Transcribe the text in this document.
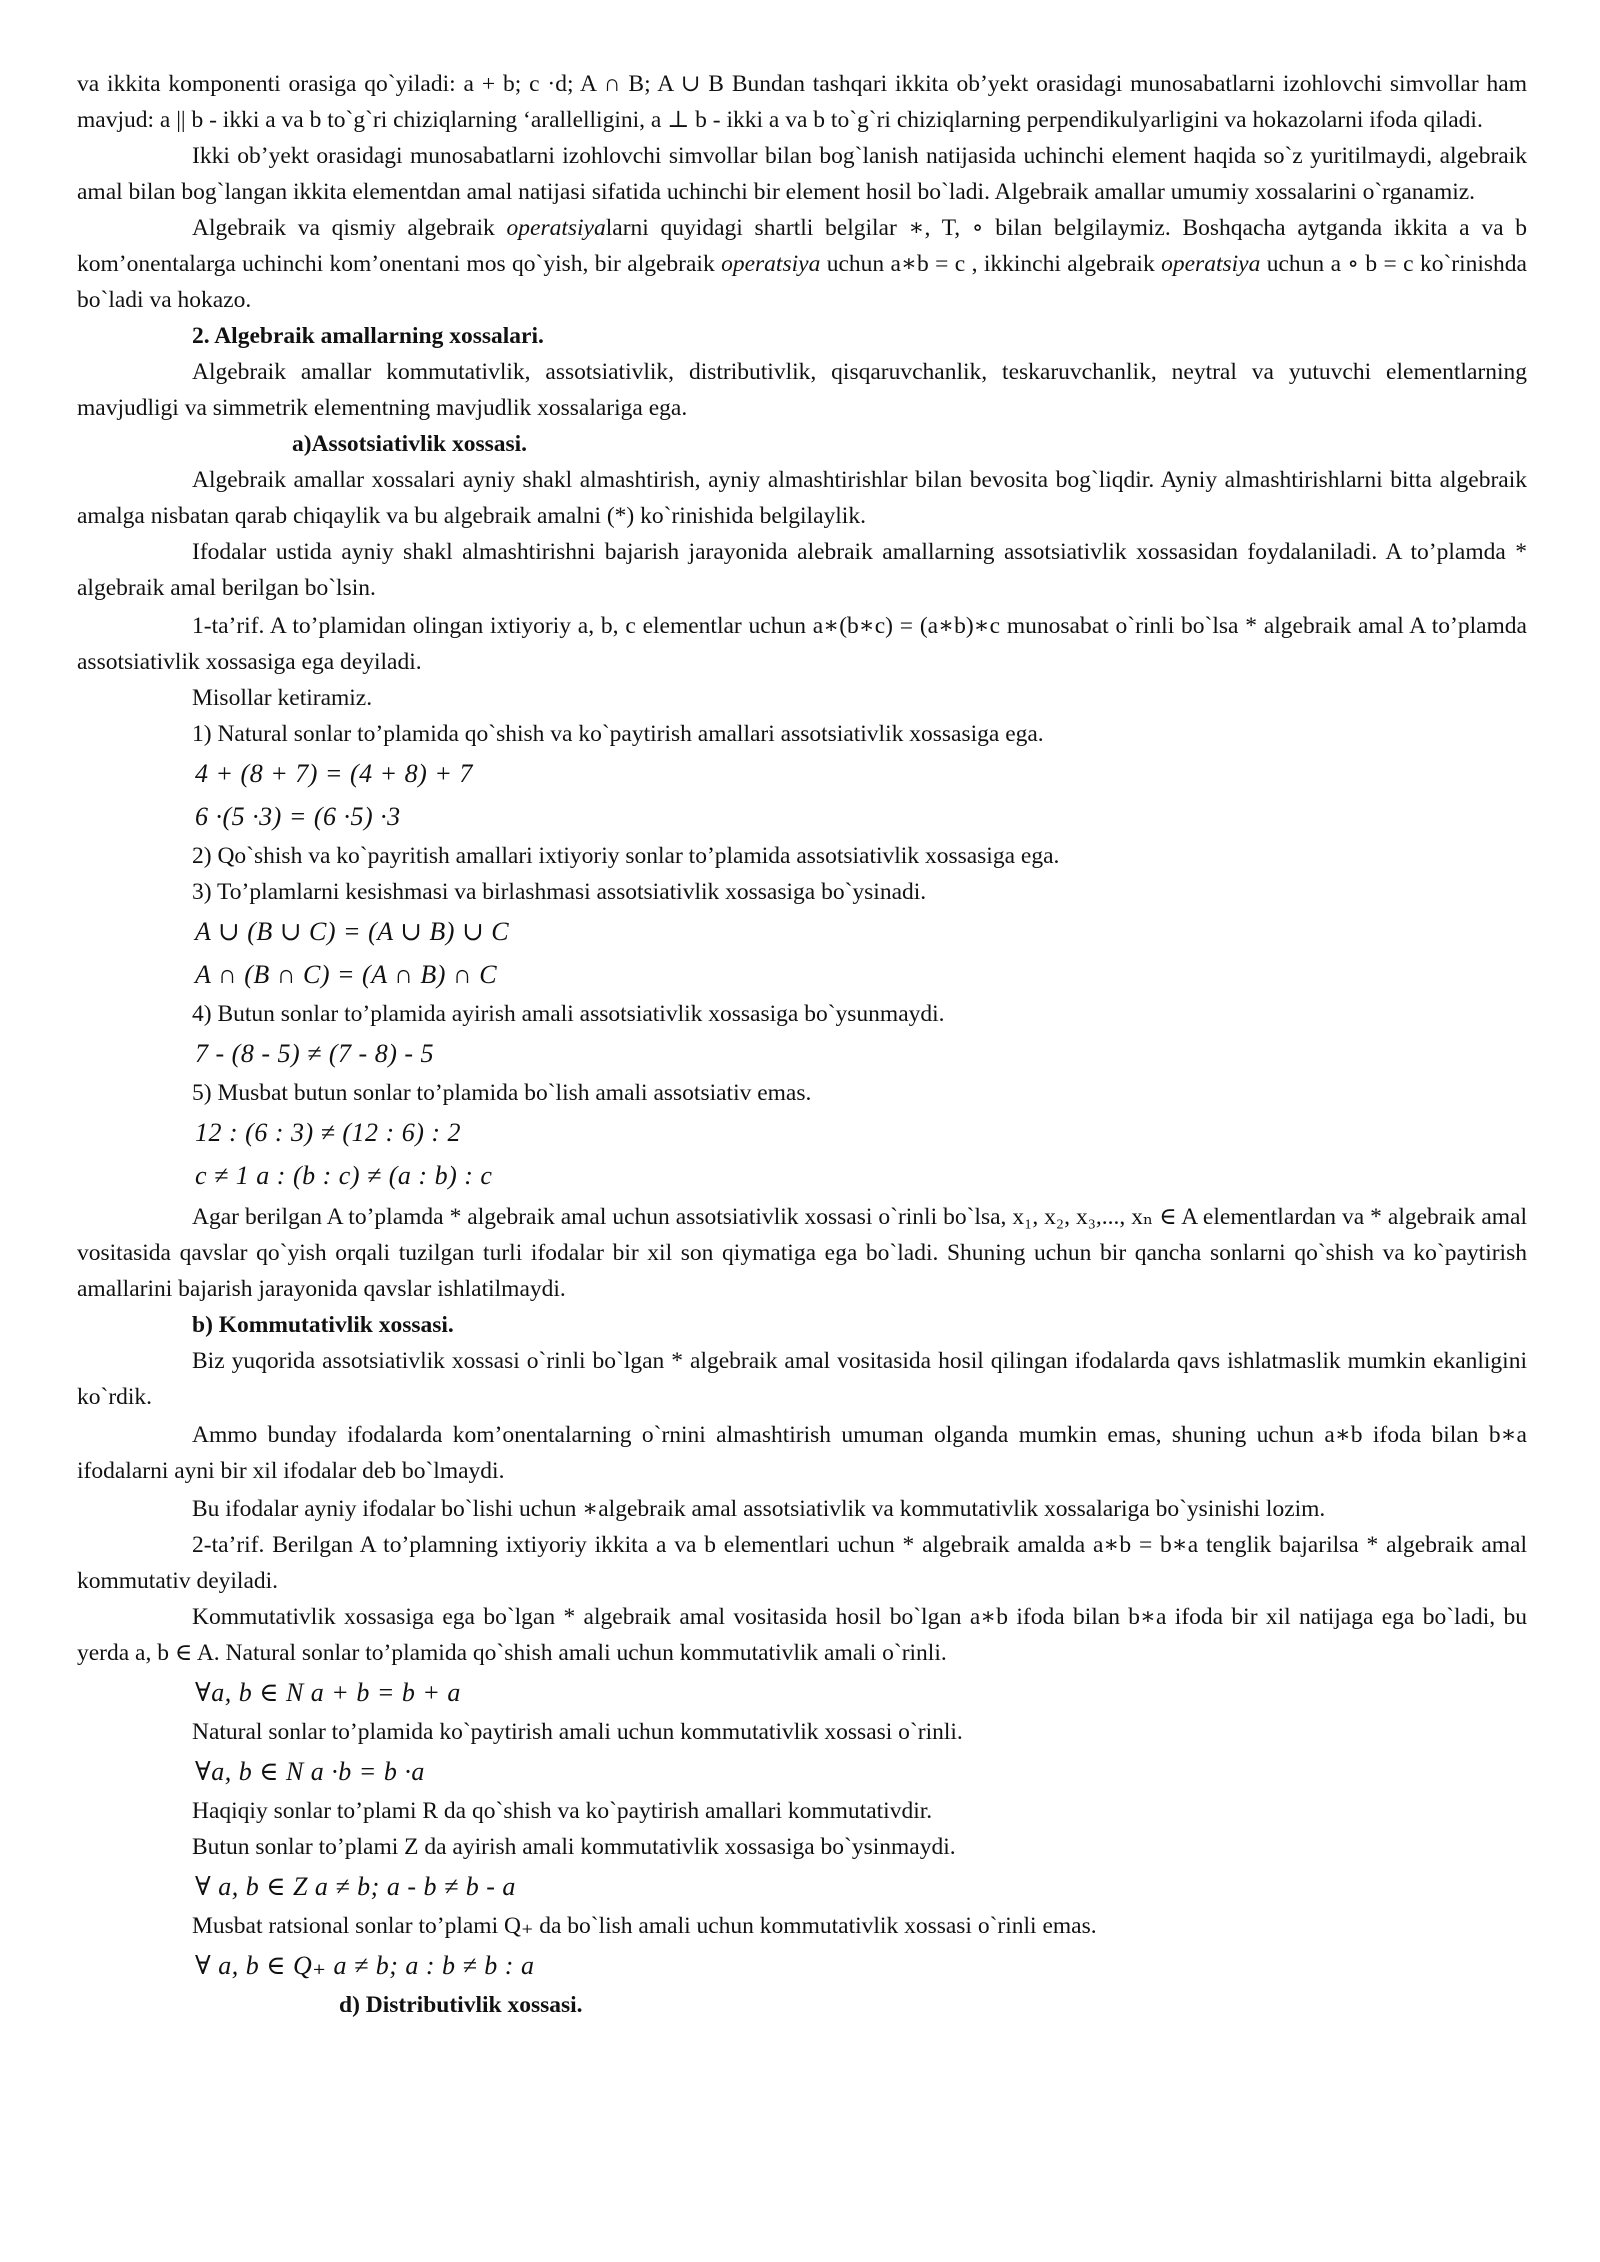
va ikkita komponenti orasiga qo`yiladi: a + b; c ·d; A ∩ B; A ∪ B Bundan tashqari ikkita ob’yekt orasidagi munosabatlarni izohlovchi simvollar ham mavjud: a || b - ikki a va b to`g`ri chiziqlarning ‘arallelligini, a ⊥ b - ikki a va b to`g`ri chiziqlarning perpendikulyarligini va hokazolarni ifoda qiladi.

Ikki ob’yekt orasidagi munosabatlarni izohlovchi simvollar bilan bog`lanish natijasida uchinchi element haqida so`z yuritilmaydi, algebraik amal bilan bog`langan ikkita elementdan amal natijasi sifatida uchinchi bir element hosil bo`ladi. Algebraik amallar umumiy xossalarini o`rganamiz.

Algebraik va qismiy algebraik operatsiyalarni quyidagi shartli belgilar ∗, T, ∘ bilan belgilaymiz. Boshqacha aytganda ikkita a va b kom’onentalarga uchinchi kom’onentani mos qo`yish, bir algebraik operatsiya uchun a∗b = c , ikkinchi algebraik operatsiya uchun a ∘ b = c ko`rinishda bo`ladi va hokazo.

2. Algebraik amallarning xossalari.

Algebraik amallar kommutativlik, assotsiativlik, distributivlik, qisqaruvchanlik, teskaruvchanlik, neytral va yutuvchi elementlarning mavjudligi va simmetrik elementning mavjudlik xossalariga ega.

a)Assotsiativlik xossasi.

Algebraik amallar xossalari ayniy shakl almashtirish, ayniy almashtirishlar bilan bevosita bog`liqdir. Ayniy almashtirishlarni bitta algebraik amalga nisbatan qarab chiqaylik va bu algebraik amalni (*) ko`rinishida belgilaylik.

Ifodalar ustida ayniy shakl almashtirishni bajarish jarayonida alebraik amallarning assotsiativlik xossasidan foydalaniladi. A to’plamda * algebraik amal berilgan bo`lsin.

1-ta’rif. A to’plamidan olingan ixtiyoriy a, b, c elementlar uchun a∗(b∗c) = (a∗b)∗c munosabat o`rinli bo`lsa * algebraik amal A to’plamda assotsiativlik xossasiga ega deyiladi.

Misollar ketiramiz.

1) Natural sonlar to’plamida qo`shish va ko`paytirish amallari assotsiativlik xossasiga ega.

4 + (8 + 7) = (4 + 8) + 7
6 ·(5 ·3) = (6 ·5) ·3

2) Qo`shish va ko`payritish amallari ixtiyoriy sonlar to’plamida assotsiativlik xossasiga ega.

3) To’plamlarni kesishmasi va birlashmasi assotsiativlik xossasiga bo`ysinadi.

A ∪ (B ∪ C) = (A ∪ B) ∪ C
A ∩ (B ∩ C) = (A ∩ B) ∩ C

4) Butun sonlar to’plamida ayirish amali assotsiativlik xossasiga bo`ysunmaydi.

7 - (8 - 5) ≠ (7 - 8) - 5

5) Musbat butun sonlar to’plamida bo`lish amali assotsiativ emas.

12 : (6 : 3) ≠ (12 : 6) : 2
c ≠ 1 a : (b : c) ≠ (a : b) : c

Agar berilgan A to’plamda * algebraik amal uchun assotsiativlik xossasi o`rinli bo`lsa, x₁, x₂, x₃,..., xₙ ∈ A elementlardan va * algebraik amal vositasida qavslar qo`yish orqali tuzilgan turli ifodalar bir xil son qiymatiga ega bo`ladi. Shuning uchun bir qancha sonlarni qo`shish va ko`paytirish amallarini bajarish jarayonida qavslar ishlatilmaydi.

b) Kommutativlik xossasi.

Biz yuqorida assotsiativlik xossasi o`rinli bo`lgan * algebraik amal vositasida hosil qilingan ifodalarda qavs ishlatmaslik mumkin ekanligini ko`rdik.

Ammo bunday ifodalarda kom’onentalarning o`rnini almashtirish umuman olganda mumkin emas, shuning uchun a∗b ifoda bilan b∗a ifodalarni ayni bir xil ifodalar deb bo`lmaydi.

Bu ifodalar ayniy ifodalar bo`lishi uchun ∗algebraik amal assotsiativlik va kommutativlik xossalariga bo`ysinishi lozim.

2-ta’rif. Berilgan A to’plamning ixtiyoriy ikkita a va b elementlari uchun * algebraik amalda a∗b = b∗a tenglik bajarilsa * algebraik amal kommutativ deyiladi.

Kommutativlik xossasiga ega bo`lgan * algebraik amal vositasida hosil bo`lgan a∗b ifoda bilan b∗a ifoda bir xil natijaga ega bo`ladi, bu yerda a, b ∈ A. Natural sonlar to’plamida qo`shish amali uchun kommutativlik amali o`rinli.

∀a, b ∈ N a + b = b + a

Natural sonlar to’plamida ko`paytirish amali uchun kommutativlik xossasi o`rinli.

∀a, b ∈ N a ·b = b ·a

Haqiqiy sonlar to’plami R da qo`shish va ko`paytirish amallari kommutativdir.

Butun sonlar to’plami Z da ayirish amali kommutativlik xossasiga bo`ysinmaydi.

∀ a, b ∈ Z a ≠ b; a - b ≠ b - a

Musbat ratsional sonlar to’plami Q₊ da bo`lish amali uchun kommutativlik xossasi o`rinli emas.

∀ a, b ∈ Q₊ a ≠ b; a : b ≠ b : a

d) Distributivlik xossasi.
